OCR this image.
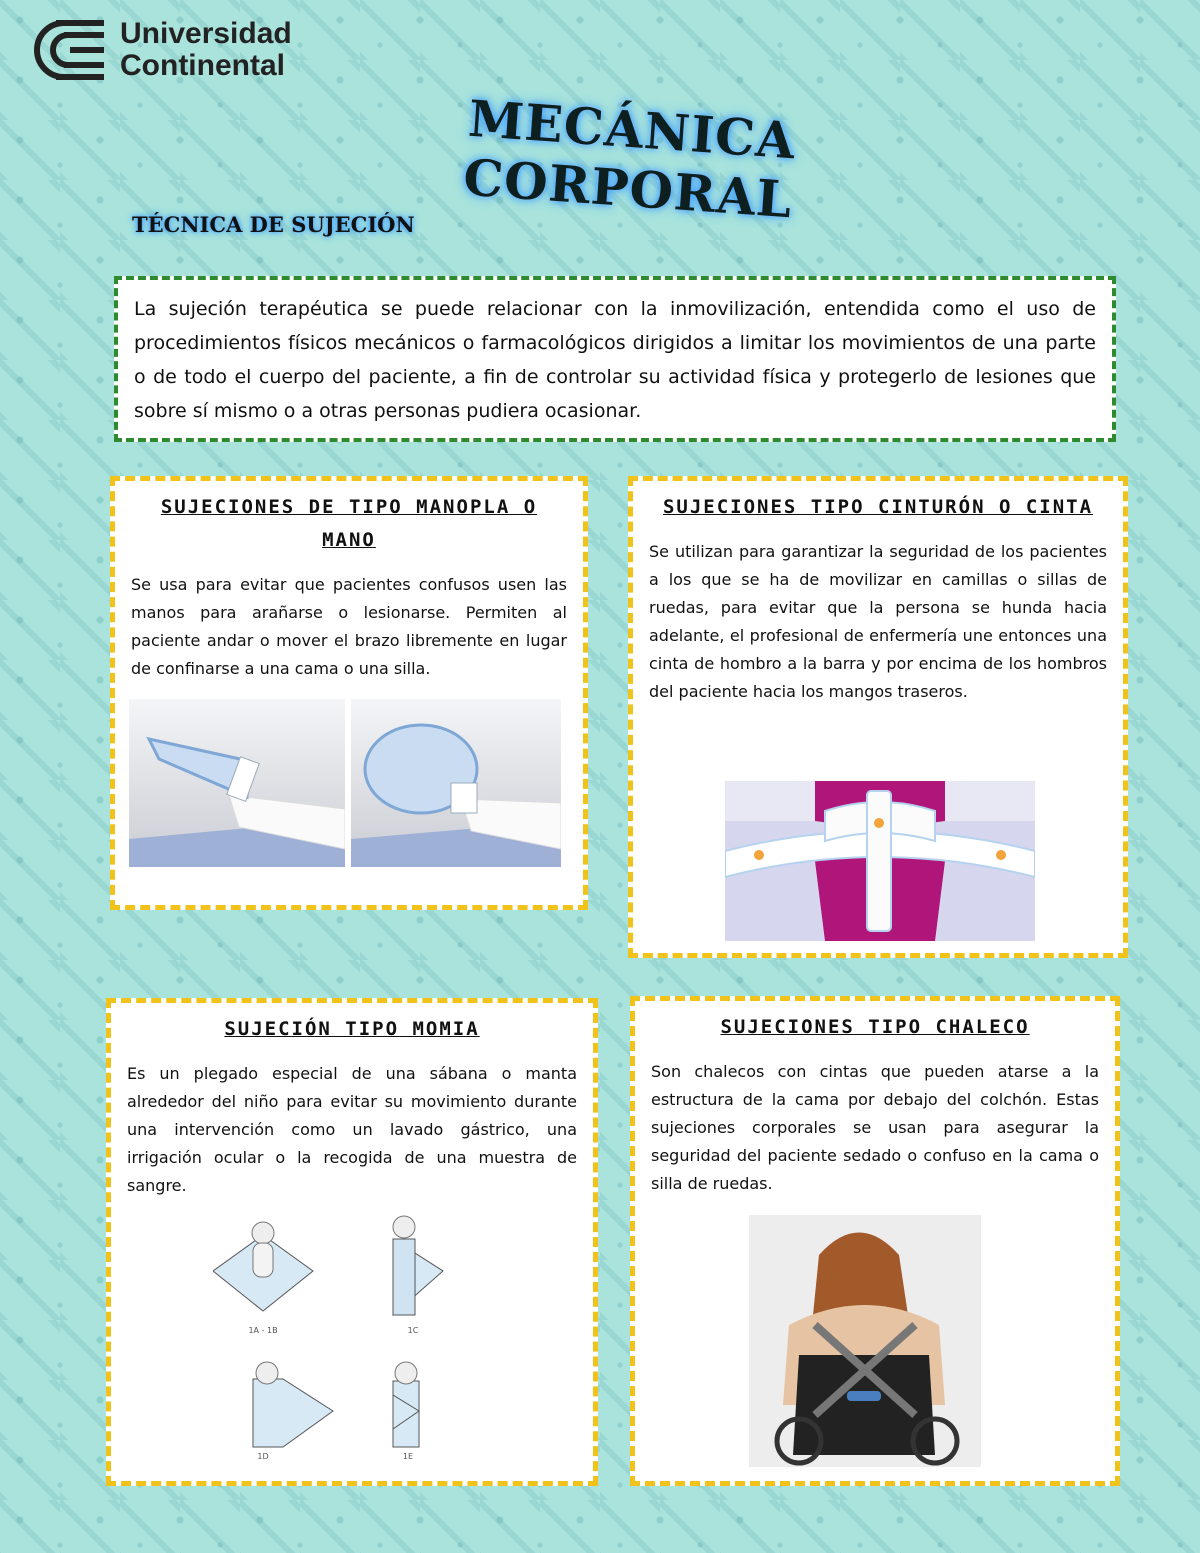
Universidad
Continental
MECÁNICA CORPORAL
TÉCNICA DE SUJECIÓN
La sujeción terapéutica se puede relacionar con la inmovilización, entendida como el uso de procedimientos físicos mecánicos o farmacológicos dirigidos a limitar los movimientos de una parte o de todo el cuerpo del paciente, a fin de controlar su actividad física y protegerlo de lesiones que sobre sí mismo o a otras personas pudiera ocasionar.
SUJECIONES DE TIPO MANOPLA O MANO

Se usa para evitar que pacientes confusos usen las manos para arañarse o lesionarse. Permiten al paciente andar o mover el brazo libremente en lugar de confinarse a una cama o una silla.

SUJECIONES TIPO CINTURÓN O CINTA

Se utilizan para garantizar la seguridad de los pacientes a los que se ha de movilizar en camillas o sillas de ruedas, para evitar que la persona se hunda hacia adelante, el profesional de enfermería une entonces una cinta de hombro a la barra y por encima de los hombros del paciente hacia los mangos traseros.

SUJECIÓN TIPO MOMIA

Es un plegado especial de una sábana o manta alrededor del niño para evitar su movimiento durante una intervención como un lavado gástrico, una irrigación ocular o la recogida de una muestra de sangre.

1A - 1B	1C
1D	1E
SUJECIONES TIPO CHALECO

Son chalecos con cintas que pueden atarse a la estructura de la cama por debajo del colchón. Estas sujeciones corporales se usan para asegurar la seguridad del paciente sedado o confuso en la cama o silla de ruedas.
